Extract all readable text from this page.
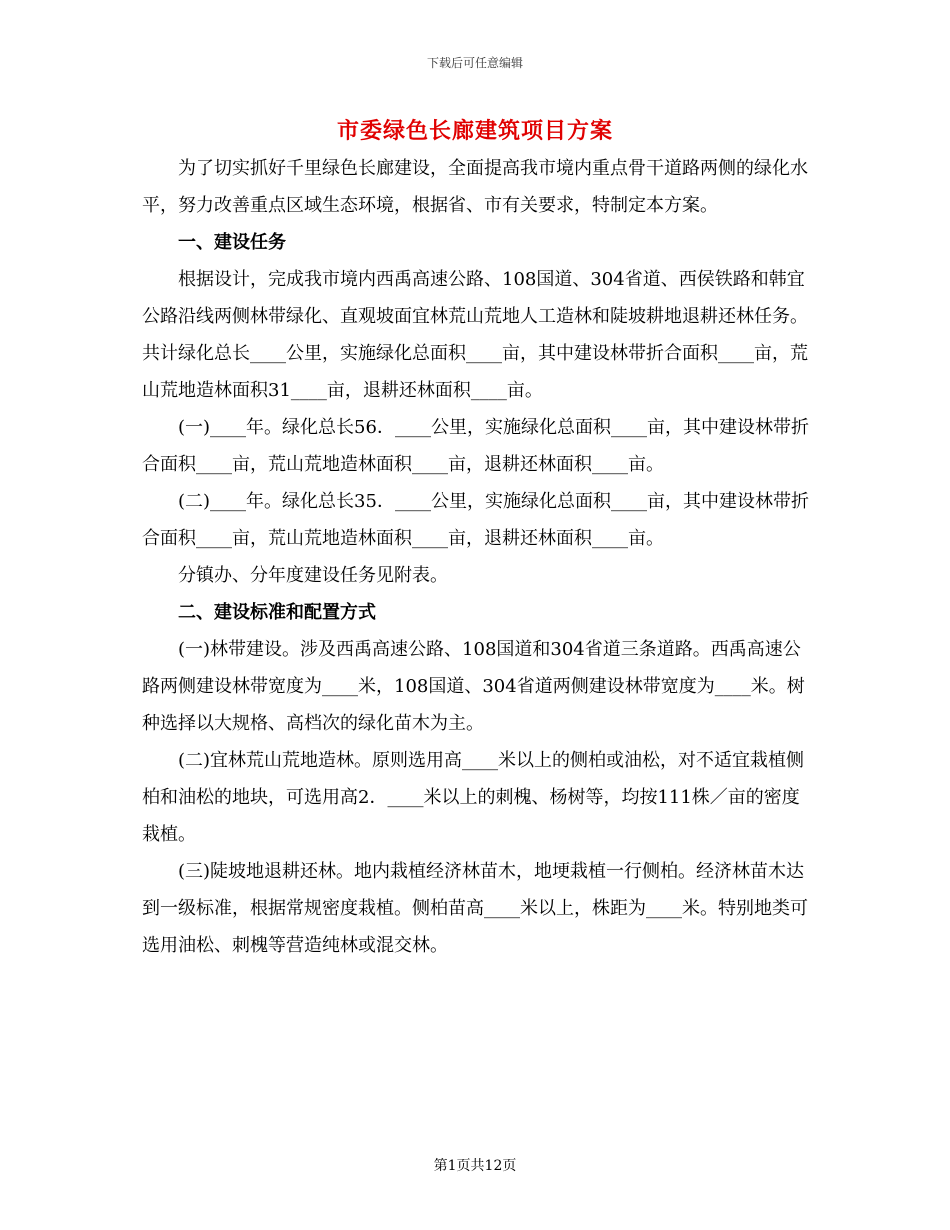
下载后可任意编辑
市委绿色长廊建筑项目方案

为了切实抓好千里绿色长廊建设，全面提高我市境内重点骨干道路两侧的绿化水平，努力改善重点区域生态环境，根据省、市有关要求，特制定本方案。

一、建设任务

根据设计，完成我市境内西禹高速公路、108国道、304省道、西侯铁路和韩宜公路沿线两侧林带绿化、直观坡面宜林荒山荒地人工造林和陡坡耕地退耕还林任务。共计绿化总长____公里，实施绿化总面积____亩，其中建设林带折合面积____亩，荒山荒地造林面积31____亩，退耕还林面积____亩。

(一)____年。绿化总长56．____公里，实施绿化总面积____亩，其中建设林带折合面积____亩，荒山荒地造林面积____亩，退耕还林面积____亩。

(二)____年。绿化总长35．____公里，实施绿化总面积____亩，其中建设林带折合面积____亩，荒山荒地造林面积____亩，退耕还林面积____亩。

分镇办、分年度建设任务见附表。

二、建设标准和配置方式

(一)林带建设。涉及西禹高速公路、108国道和304省道三条道路。西禹高速公路两侧建设林带宽度为____米，108国道、304省道两侧建设林带宽度为____米。树种选择以大规格、高档次的绿化苗木为主。

(二)宜林荒山荒地造林。原则选用高____米以上的侧柏或油松，对不适宜栽植侧柏和油松的地块，可选用高2．____米以上的刺槐、杨树等，均按111株／亩的密度栽植。

(三)陡坡地退耕还林。地内栽植经济林苗木，地埂栽植一行侧柏。经济林苗木达到一级标准，根据常规密度栽植。侧柏苗高____米以上，株距为____米。特别地类可选用油松、刺槐等营造纯林或混交林。

第1页共12页
